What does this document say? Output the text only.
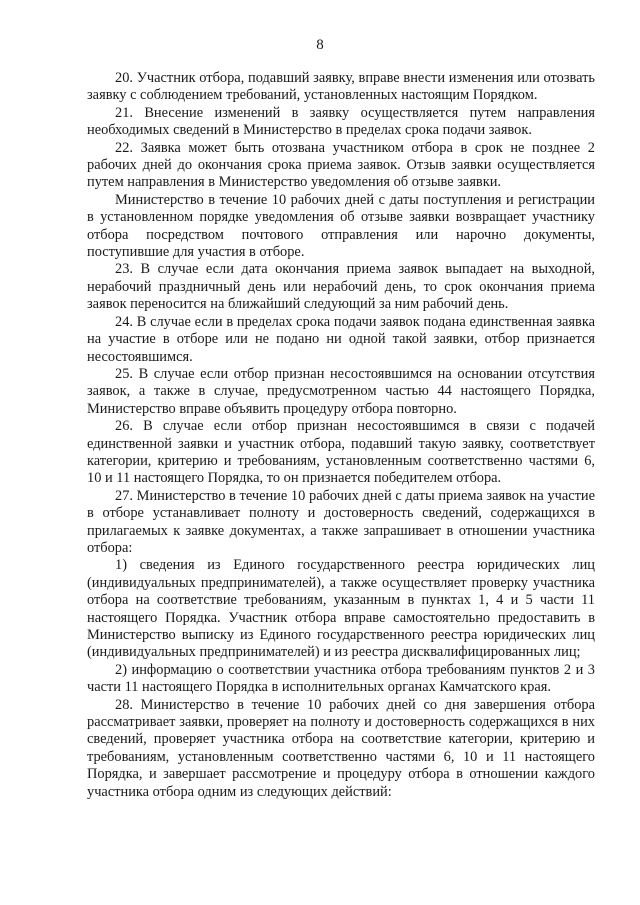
8

20. Участник отбора, подавший заявку, вправе внести изменения или отозвать заявку с соблюдением требований, установленных настоящим Порядком.

21. Внесение изменений в заявку осуществляется путем направления необходимых сведений в Министерство в пределах срока подачи заявок.

22. Заявка может быть отозвана участником отбора в срок не позднее 2 рабочих дней до окончания срока приема заявок. Отзыв заявки осуществляется путем направления в Министерство уведомления об отзыве заявки.

Министерство в течение 10 рабочих дней с даты поступления и регистрации в установленном порядке уведомления об отзыве заявки возвращает участнику отбора посредством почтового отправления или нарочно документы, поступившие для участия в отборе.

23. В случае если дата окончания приема заявок выпадает на выходной, нерабочий праздничный день или нерабочий день, то срок окончания приема заявок переносится на ближайший следующий за ним рабочий день.

24. В случае если в пределах срока подачи заявок подана единственная заявка на участие в отборе или не подано ни одной такой заявки, отбор признается несостоявшимся.

25. В случае если отбор признан несостоявшимся на основании отсутствия заявок, а также в случае, предусмотренном частью 44 настоящего Порядка, Министерство вправе объявить процедуру отбора повторно.

26. В случае если отбор признан несостоявшимся в связи с подачей единственной заявки и участник отбора, подавший такую заявку, соответствует категории, критерию и требованиям, установленным соответственно частями 6, 10 и 11 настоящего Порядка, то он признается победителем отбора.

27. Министерство в течение 10 рабочих дней с даты приема заявок на участие в отборе устанавливает полноту и достоверность сведений, содержащихся в прилагаемых к заявке документах, а также запрашивает в отношении участника отбора:

1) сведения из Единого государственного реестра юридических лиц (индивидуальных предпринимателей), а также осуществляет проверку участника отбора на соответствие требованиям, указанным в пунктах 1, 4 и 5 части 11 настоящего Порядка. Участник отбора вправе самостоятельно предоставить в Министерство выписку из Единого государственного реестра юридических лиц (индивидуальных предпринимателей) и из реестра дисквалифицированных лиц;

2) информацию о соответствии участника отбора требованиям пунктов 2 и 3 части 11 настоящего Порядка в исполнительных органах Камчатского края.

28. Министерство в течение 10 рабочих дней со дня завершения отбора рассматривает заявки, проверяет на полноту и достоверность содержащихся в них сведений, проверяет участника отбора на соответствие категории, критерию и требованиям, установленным соответственно частями 6, 10 и 11 настоящего Порядка, и завершает рассмотрение и процедуру отбора в отношении каждого участника отбора одним из следующих действий:
